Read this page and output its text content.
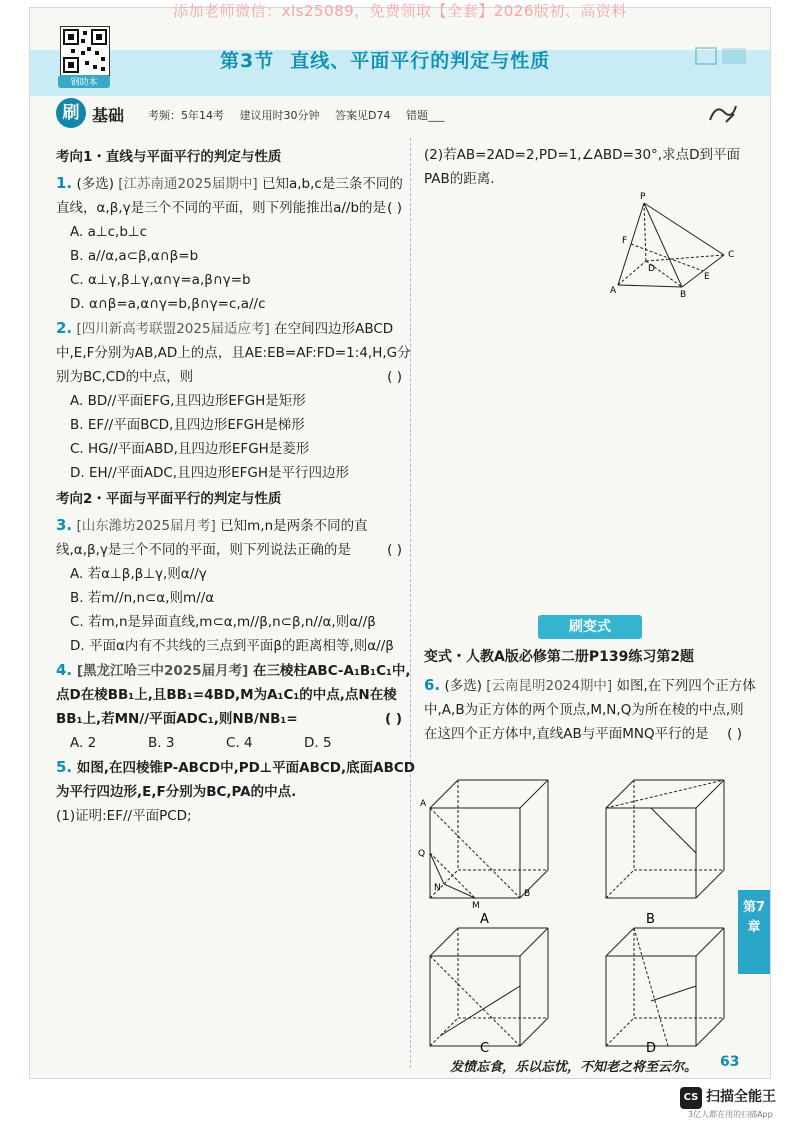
添加老师微信：xls25089，免费领取【全套】2026版初、高资料
钢助本
第3节 直线、平面平行的判定与性质
刷 基础 考频：5年14考 建议用时30分钟 答案见D74 错题___
考向1・直线与平面平行的判定与性质
1. (多选) [江苏南通2025届期中] 已知a,b,c是三条不同的直线，α,β,γ是三个不同的平面，则下列能推出a//b的是 ( )
A. a⊥c,b⊥c
B. a//α,a⊂β,α∩β=b
C. α⊥γ,β⊥γ,α∩γ=a,β∩γ=b
D. α∩β=a,α∩γ=b,β∩γ=c,a//c
2. [四川新高考联盟2025届适应考] 在空间四边形ABCD中,E,F分别为AB,AD上的点，且AE:EB=AF:FD=1:4,H,G分别为BC,CD的中点，则	( )
A. BD//平面EFG,且四边形EFGH是矩形
B. EF//平面BCD,且四边形EFGH是梯形
C. HG//平面ABD,且四边形EFGH是菱形
D. EH//平面ADC,且四边形EFGH是平行四边形
考向2・平面与平面平行的判定与性质
3. [山东潍坊2025届月考] 已知m,n是两条不同的直线,α,β,γ是三个不同的平面，则下列说法正确的是	( )
A. 若α⊥β,β⊥γ,则α//γ
B. 若m//n,n⊂α,则m//α
C. 若m,n是异面直线,m⊂α,m//β,n⊂β,n//α,则α//β
D. 平面α内有不共线的三点到平面β的距离相等,则α//β
4. [黑龙江哈三中2025届月考] 在三棱柱ABC-A₁B₁C₁中,点D在棱BB₁上,且BB₁=4BD,M为A₁C₁的中点,点N在棱BB₁上,若MN//平面ADC₁,则NB/NB₁=	( )
A. 2	B. 3	C. 4	D. 5
5. 如图,在四棱锥P-ABCD中,PD⊥平面ABCD,底面ABCD为平行四边形,E,F分别为BC,PA的中点.
(1)证明:EF//平面PCD;
(2)若AB=2AD=2,PD=1,∠ABD=30°,求点D到平面PAB的距离.
P
F
A
D
E
B
C
刷变式
变式・人教A版必修第二册P139练习第2题
6. (多选) [云南昆明2024期中] 如图,在下列四个正方体中,A,B为正方体的两个顶点,M,N,Q为所在棱的中点,则在这四个正方体中,直线AB与平面MNQ平行的是 ( )
A
B
Q
N
M
A	B
C	D
发愤忘食，乐以忘忧，不知老之将至云尔。 63
第7章
CS 扫描全能王
3亿人都在用的扫描App
